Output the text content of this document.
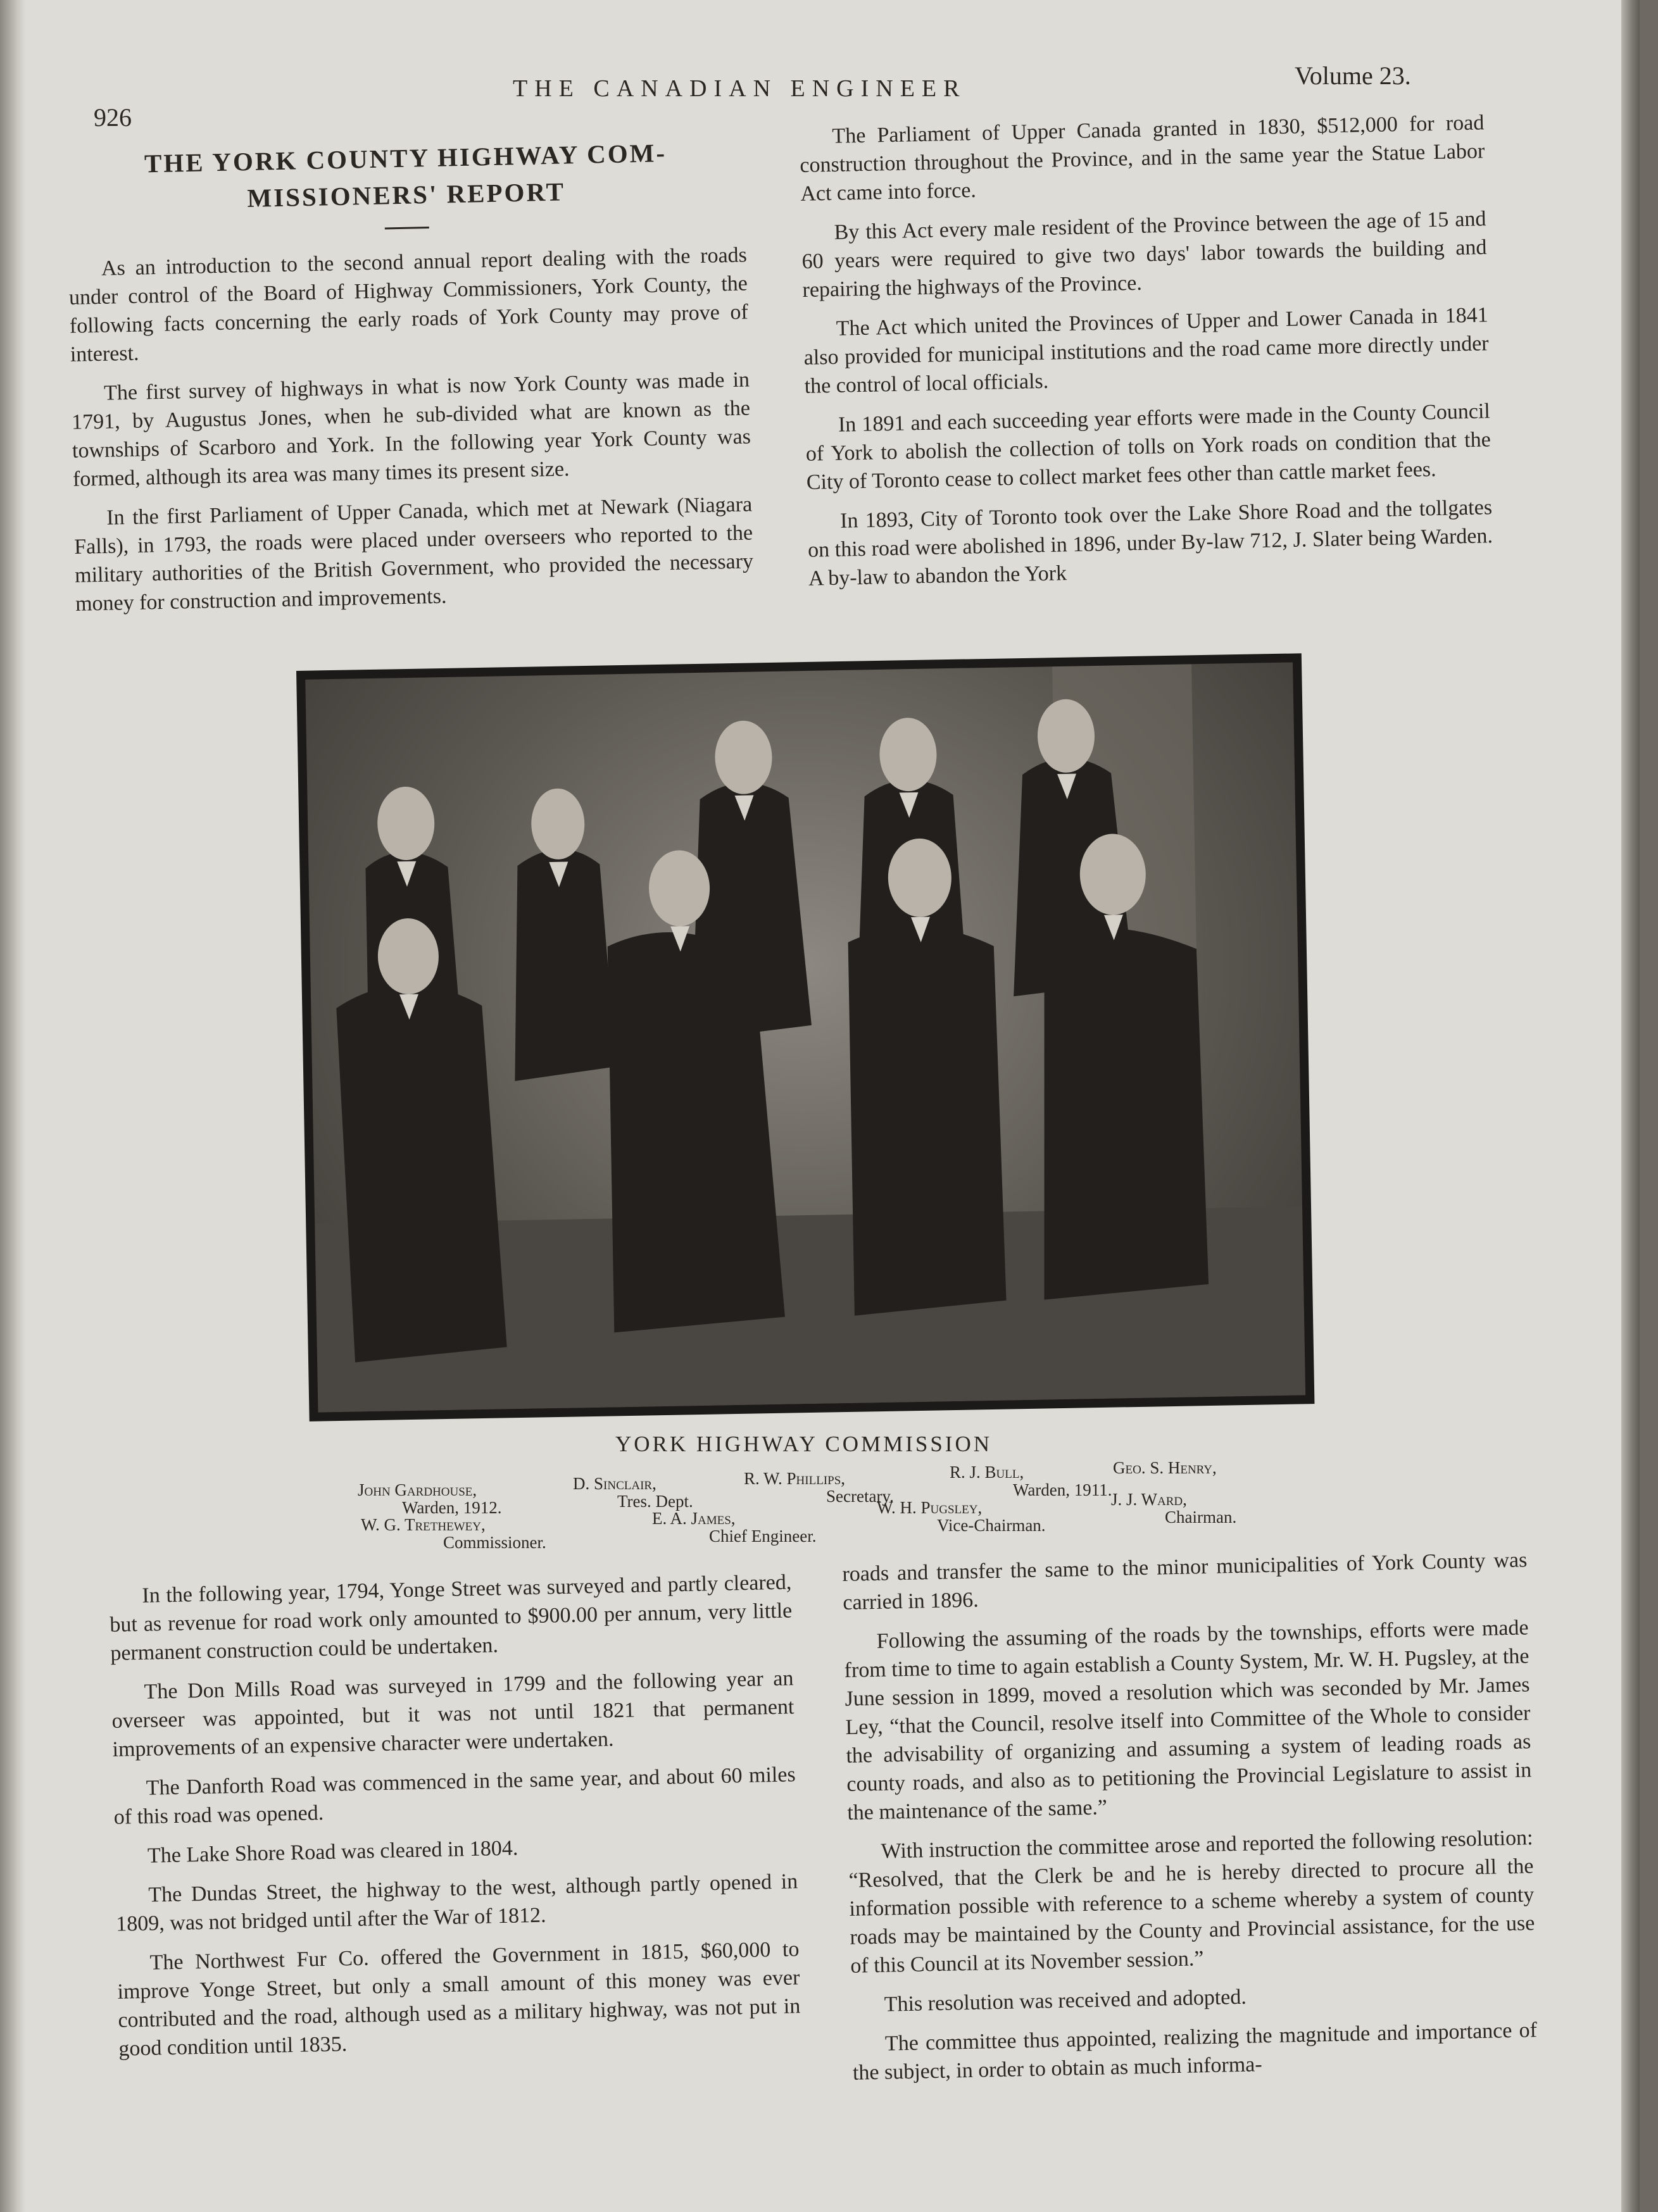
926
THE CANADIAN ENGINEER	Volume 23.
THE YORK COUNTY HIGHWAY COM-
MISSIONERS' REPORT

As an introduction to the second annual report dealing with the roads under control of the Board of Highway Commissioners, York County, the following facts concerning the early roads of York County may prove of interest.

The first survey of highways in what is now York County was made in 1791, by Augustus Jones, when he sub-divided what are known as the townships of Scarboro and York. In the following year York County was formed, although its area was many times its present size.

In the first Parliament of Upper Canada, which met at Newark (Niagara Falls), in 1793, the roads were placed under overseers who reported to the military authorities of the British Government, who provided the necessary money for construction and improvements.

The Parliament of Upper Canada granted in 1830, $512,000 for road construction throughout the Province, and in the same year the Statue Labor Act came into force.

By this Act every male resident of the Province between the age of 15 and 60 years were required to give two days' labor towards the building and repairing the highways of the Province.

The Act which united the Provinces of Upper and Lower Canada in 1841 also provided for municipal institutions and the road came more directly under the control of local officials.

In 1891 and each succeeding year efforts were made in the County Council of York to abolish the collection of tolls on York roads on condition that the City of Toronto cease to collect market fees other than cattle market fees.

In 1893, City of Toronto took over the Lake Shore Road and the tollgates on this road were abolished in 1896, under By-law 712, J. Slater being Warden. A by-law to abandon the York

YORK HIGHWAY COMMISSION
John Gardhouse,
Warden, 1912.
W. G. Trethewey,
Commissioner.
D. Sinclair,
Tres. Dept.
E. A. James,
Chief Engineer.
R. W. Phillips,
Secretary.
W. H. Pugsley,
Vice-Chairman.
R. J. Bull,
Warden, 1911.
Geo. S. Henry,
J. J. Ward,
Chairman.

In the following year, 1794, Yonge Street was surveyed and partly cleared, but as revenue for road work only amounted to $900.00 per annum, very little permanent construction could be undertaken.

The Don Mills Road was surveyed in 1799 and the following year an overseer was appointed, but it was not until 1821 that permanent improvements of an expensive character were undertaken.

The Danforth Road was commenced in the same year, and about 60 miles of this road was opened.

The Lake Shore Road was cleared in 1804.

The Dundas Street, the highway to the west, although partly opened in 1809, was not bridged until after the War of 1812.

The Northwest Fur Co. offered the Government in 1815, $60,000 to improve Yonge Street, but only a small amount of this money was ever contributed and the road, although used as a military highway, was not put in good condition until 1835.

roads and transfer the same to the minor municipalities of York County was carried in 1896.

Following the assuming of the roads by the townships, efforts were made from time to time to again establish a County System, Mr. W. H. Pugsley, at the June session in 1899, moved a resolution which was seconded by Mr. James Ley, “that the Council, resolve itself into Committee of the Whole to consider the advisability of organizing and assuming a system of leading roads as county roads, and also as to petitioning the Provincial Legislature to assist in the maintenance of the same.”

With instruction the committee arose and reported the following resolution: “Resolved, that the Clerk be and he is hereby directed to procure all the information possible with reference to a scheme whereby a system of county roads may be maintained by the County and Provincial assistance, for the use of this Council at its November session.”

This resolution was received and adopted.

The committee thus appointed, realizing the magnitude and importance of the subject, in order to obtain as much informa-
